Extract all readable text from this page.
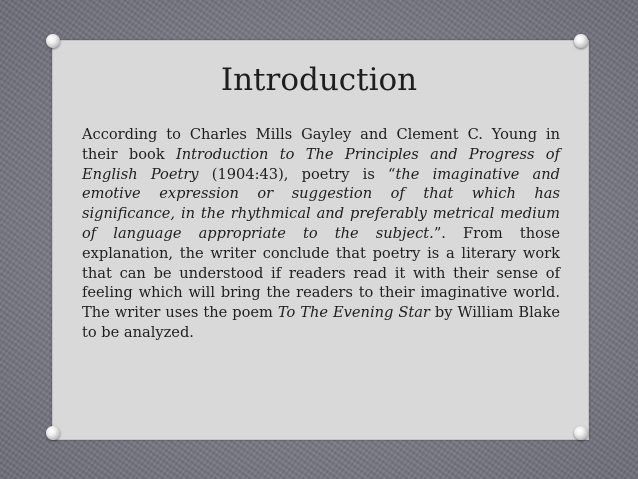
Introduction

According to Charles Mills Gayley and Clement C. Young in their book Introduction to The Principles and Progress of English Poetry (1904:43), poetry is “the imaginative and emotive expression or suggestion of that which has significance, in the rhythmical and preferably metrical medium of language appropriate to the subject.”. From those explanation, the writer conclude that poetry is a literary work that can be understood if readers read it with their sense of feeling which will bring the readers to their imaginative world. The writer uses the poem To The Evening Star by William Blake to be analyzed.
